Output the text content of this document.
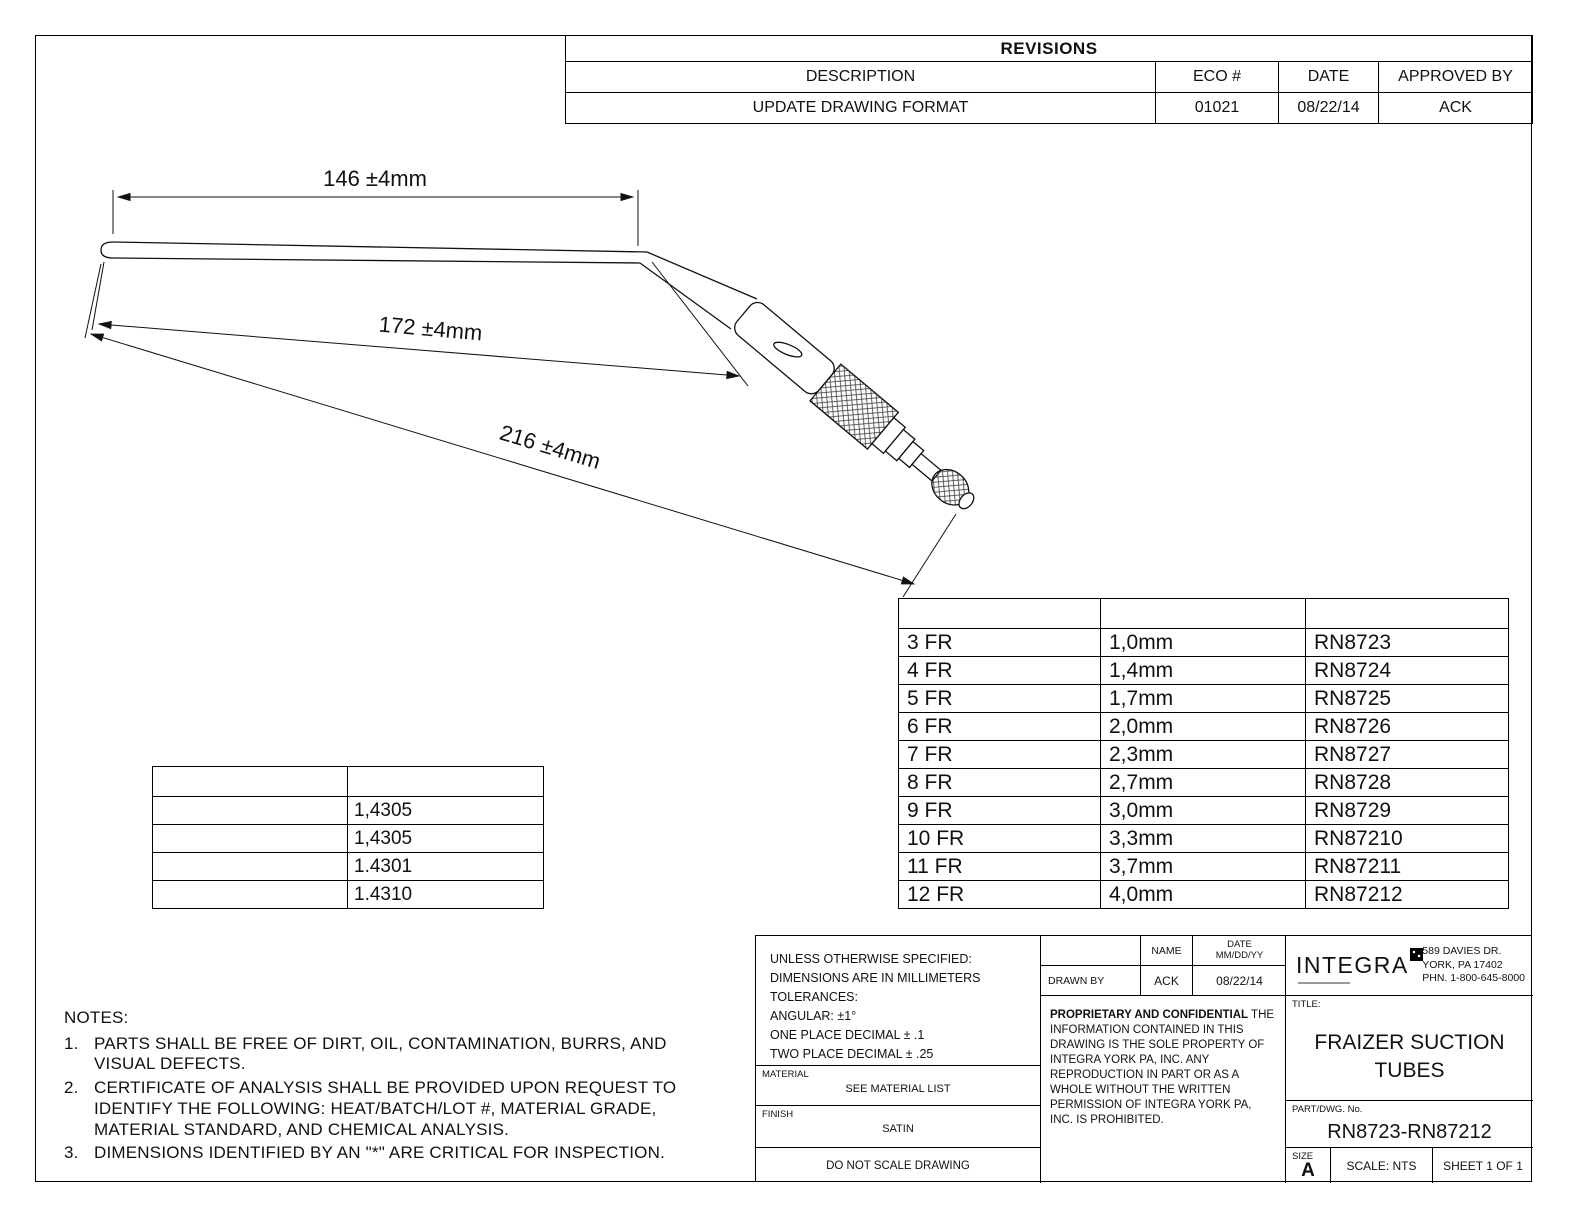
REVISIONS			
DESCRIPTION	ECO #	DATE	APPROVED BY
UPDATE DRAWING FORMAT	01021	08/22/14	ACK
146 ±4mm
172 ±4mm
216 ±4mm

3 FR	1,0mm	RN8723
4 FR	1,4mm	RN8724
5 FR	1,7mm	RN8725
6 FR	2,0mm	RN8726
7 FR	2,3mm	RN8727
8 FR	2,7mm	RN8728
9 FR	3,0mm	RN8729
10 FR	3,3mm	RN87210
11 FR	3,7mm	RN87211
12 FR	4,0mm	RN87212

	1,4305
	1,4305
	1.4301
	1.4310
NOTES:
1. PARTS SHALL BE FREE OF DIRT, OIL, CONTAMINATION, BURRS, AND VISUAL DEFECTS.
2. CERTIFICATE OF ANALYSIS SHALL BE PROVIDED UPON REQUEST TO IDENTIFY THE FOLLOWING: HEAT/BATCH/LOT #, MATERIAL GRADE, MATERIAL STANDARD, AND CHEMICAL ANALYSIS.
3. DIMENSIONS IDENTIFIED BY AN "*" ARE CRITICAL FOR INSPECTION.
UNLESS OTHERWISE SPECIFIED:
DIMENSIONS ARE IN MILLIMETERS
TOLERANCES:
ANGULAR: ±1°
ONE PLACE DECIMAL ± .1
TWO PLACE DECIMAL ± .25
MATERIAL
SEE MATERIAL LIST
FINISH
SATIN
DO NOT SCALE DRAWING
NAME
DATE
MM/DD/YY
DRAWN BY	ACK	08/22/14
PROPRIETARY AND CONFIDENTIAL THE INFORMATION CONTAINED IN THIS DRAWING IS THE SOLE PROPERTY OF INTEGRA YORK PA, INC. ANY REPRODUCTION IN PART OR AS A WHOLE WITHOUT THE WRITTEN PERMISSION OF INTEGRA YORK PA, INC. IS PROHIBITED.
INTEGRA
589 DAVIES DR.
YORK, PA 17402
PHN. 1-800-645-8000
TITLE:
FRAIZER SUCTION TUBES
PART/DWG. No.
RN8723-RN87212
SIZE
A	SCALE: NTS	SHEET 1 OF 1
